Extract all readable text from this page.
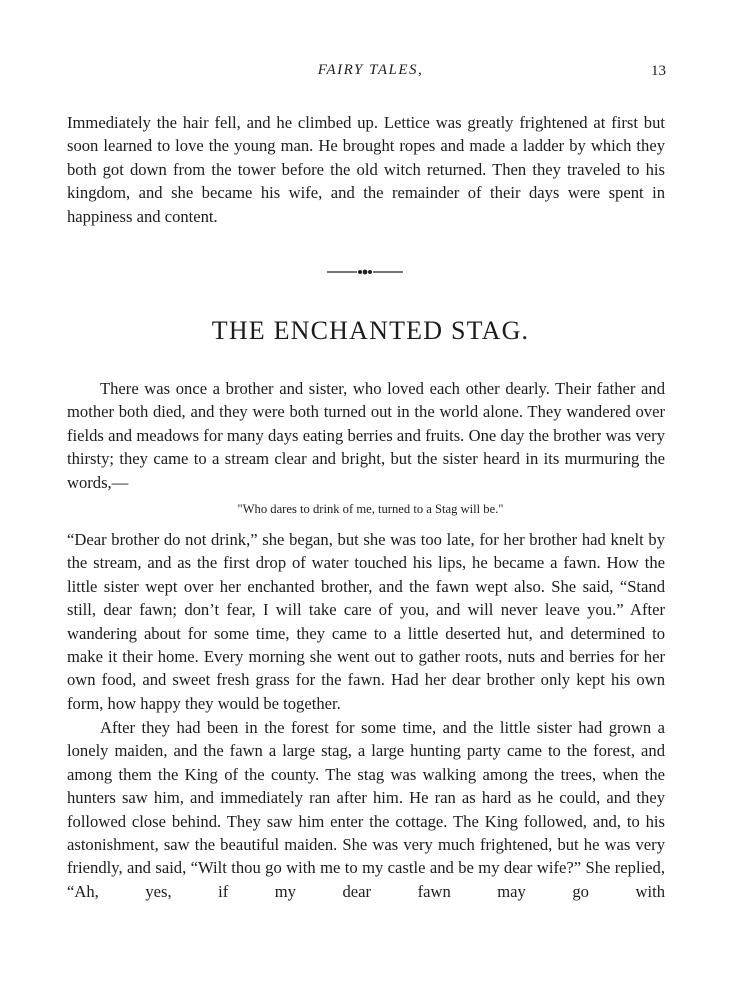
FAIRY TALES,	13

Immediately the hair fell, and he climbed up. Lettice was greatly frightened at first but soon learned to love the young man. He brought ropes and made a ladder by which they both got down from the tower before the old witch returned. Then they traveled to his kingdom, and she became his wife, and the remainder of their days were spent in happiness and content.

THE ENCHANTED STAG.

There was once a brother and sister, who loved each other dearly. Their father and mother both died, and they were both turned out in the world alone. They wandered over fields and meadows for many days eating berries and fruits. One day the brother was very thirsty; they came to a stream clear and bright, but the sister heard in its murmuring the words,—

"Who dares to drink of me, turned to a Stag will be."

“Dear brother do not drink,” she began, but she was too late, for her brother had knelt by the stream, and as the first drop of water touched his lips, he became a fawn. How the little sister wept over her enchanted brother, and the fawn wept also. She said, “Stand still, dear fawn; don’t fear, I will take care of you, and will never leave you.” After wandering about for some time, they came to a little deserted hut, and determined to make it their home. Every morning she went out to gather roots, nuts and berries for her own food, and sweet fresh grass for the fawn. Had her dear brother only kept his own form, how happy they would be together.

After they had been in the forest for some time, and the little sister had grown a lonely maiden, and the fawn a large stag, a large hunting party came to the forest, and among them the King of the county. The stag was walking among the trees, when the hunters saw him, and immediately ran after him. He ran as hard as he could, and they followed close behind. They saw him enter the cottage. The King followed, and, to his astonishment, saw the beautiful maiden. She was very much frightened, but he was very friendly, and said, “Wilt thou go with me to my castle and be my dear wife?” She replied, “Ah, yes, if my dear fawn may go with
